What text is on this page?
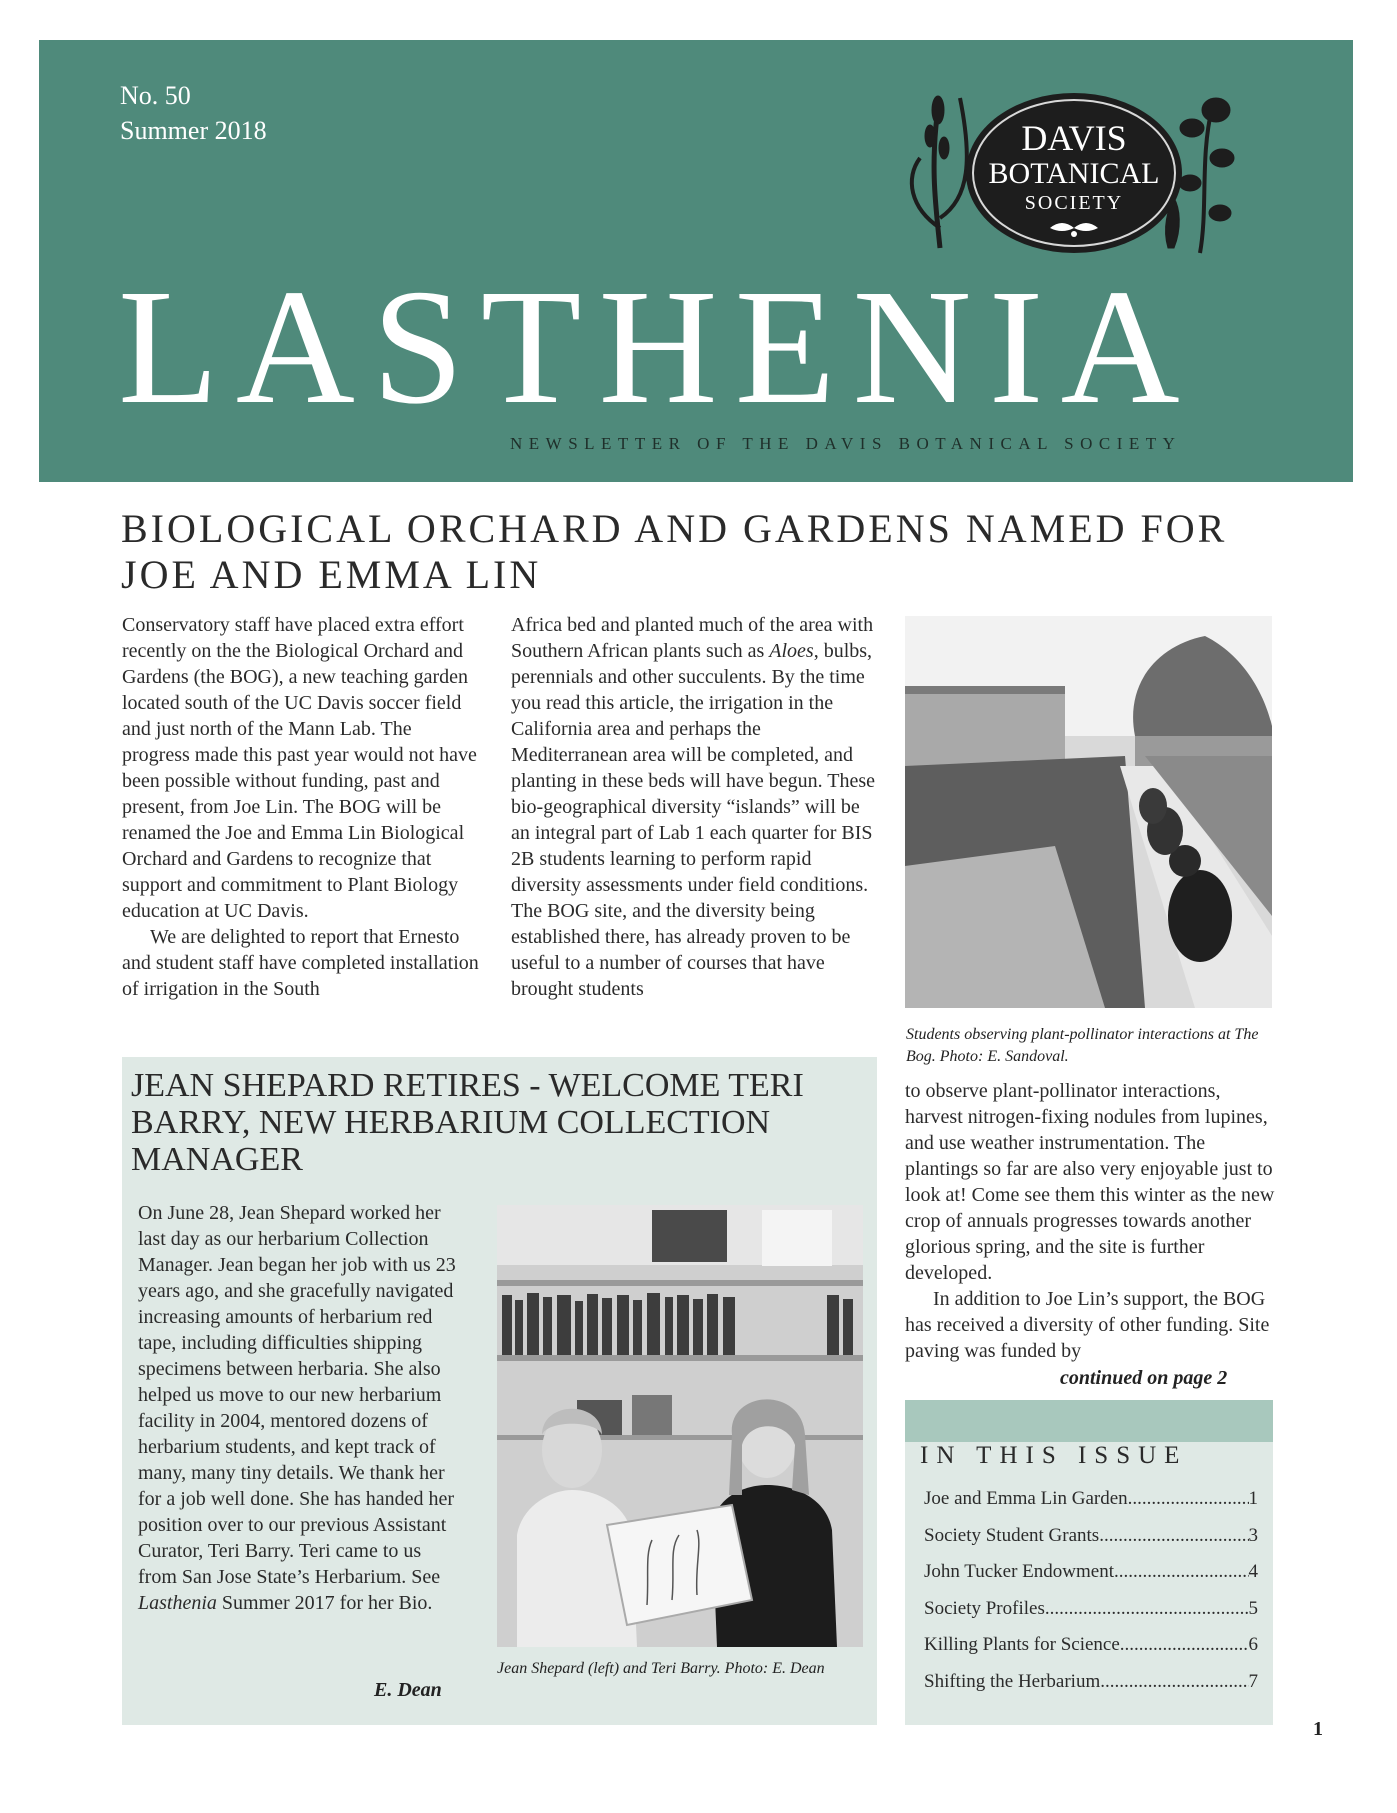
No. 50
Summer 2018	DAVIS
BOTANICAL
SOCIETY
LASTHENIA
NEWSLETTER OF THE DAVIS BOTANICAL SOCIETY
BIOLOGICAL ORCHARD AND GARDENS NAMED FOR JOE AND EMMA LIN

Conservatory staff have placed extra effort recently on the the Biological Orchard and Gardens (the BOG), a new teaching garden located south of the UC Davis soccer field and just north of the Mann Lab. The progress made this past year would not have been possible without funding, past and present, from Joe Lin. The BOG will be renamed the Joe and Emma Lin Biological Orchard and Gardens to recognize that support and commitment to Plant Biology education at UC Davis.

We are delighted to report that Ernesto and student staff have completed installation of irrigation in the South

Africa bed and planted much of the area with Southern African plants such as Aloes, bulbs, perennials and other succulents. By the time you read this article, the irrigation in the California area and perhaps the Mediterranean area will be completed, and planting in these beds will have begun. These bio-geographical diversity “islands” will be an integral part of Lab 1 each quarter for BIS 2B students learning to perform rapid diversity assessments under field conditions. The BOG site, and the diversity being established there, has already proven to be useful to a number of courses that have brought students

Students observing plant-pollinator interactions at The Bog. Photo: E. Sandoval.

to observe plant-pollinator interactions, harvest nitrogen-fixing nodules from lupines, and use weather instrumentation. The plantings so far are also very enjoyable just to look at! Come see them this winter as the new crop of annuals progresses towards another glorious spring, and the site is further developed.

In addition to Joe Lin’s support, the BOG has received a diversity of other funding. Site paving was funded by

continued on page 2
JEAN SHEPARD RETIRES - WELCOME TERI BARRY, NEW HERBARIUM COLLECTION MANAGER

On June 28, Jean Shepard worked her last day as our herbarium Collection Manager. Jean began her job with us 23 years ago, and she gracefully navigated increasing amounts of herbarium red tape, including difficulties shipping specimens between herbaria. She also helped us move to our new herbarium facility in 2004, mentored dozens of herbarium students, and kept track of many, many tiny details. We thank her for a job well done. She has handed her position over to our previous Assistant Curator, Teri Barry. Teri came to us from San Jose State’s Herbarium. See Lasthenia Summer 2017 for her Bio.

E. Dean
Jean Shepard (left) and Teri Barry. Photo: E. Dean
IN THIS ISSUE
Joe and Emma Lin Garden .....	1
Society Student Grants .....	3
John Tucker Endowment .....	4
Society Profiles .....	5
Killing Plants for Science .....	6
Shifting the Herbarium .....	7
1
